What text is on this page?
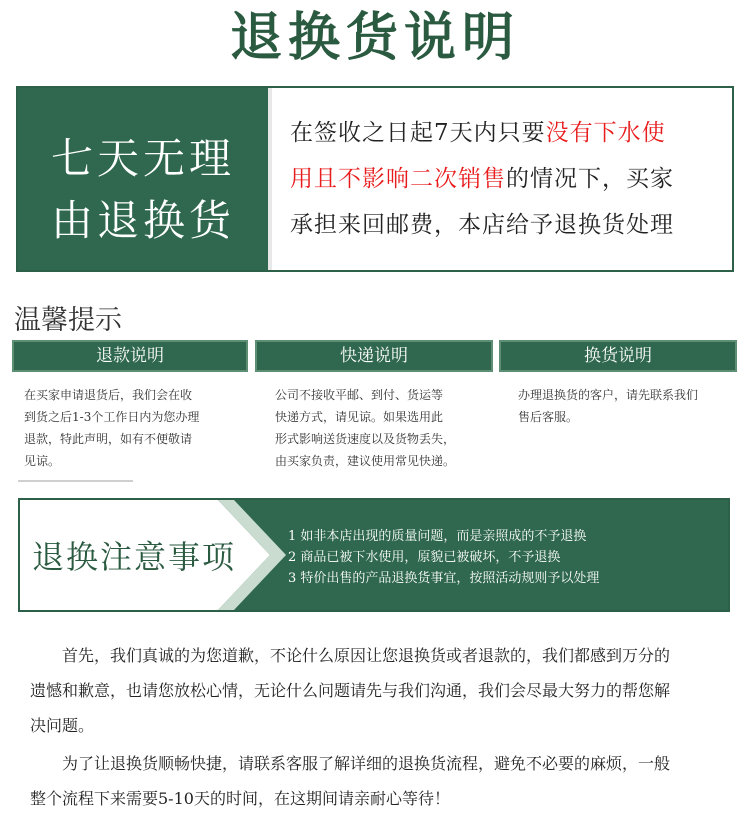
退换货说明
七天无理
由退换货
在签收之日起7天内只要没有下水使
用且不影响二次销售的情况下，买家
承担来回邮费，本店给予退换货处理
温馨提示
退款说明	快递说明	换货说明
在买家申请退货后，我们会在收
到货之后1-3个工作日内为您办理
退款，特此声明，如有不便敬请
见谅。
公司不接收平邮、到付、货运等
快递方式，请见谅。如果选用此
形式影响送货速度以及货物丢失，
由买家负责，建议使用常见快递。
办理退换货的客户，请先联系我们
售后客服。
退换注意事项
1 如非本店出现的质量问题，而是亲照成的不予退换
2 商品已被下水使用，原貌已被破坏，不予退换
3 特价出售的产品退换货事宜，按照活动规则予以处理
首先，我们真诚的为您道歉，不论什么原因让您退换货或者退款的，我们都感到万分的
遗憾和歉意，也请您放松心情，无论什么问题请先与我们沟通，我们会尽最大努力的帮您解
决问题。
为了让退换货顺畅快捷，请联系客服了解详细的退换货流程，避免不必要的麻烦，一般
整个流程下来需要5-10天的时间，在这期间请亲耐心等待！
